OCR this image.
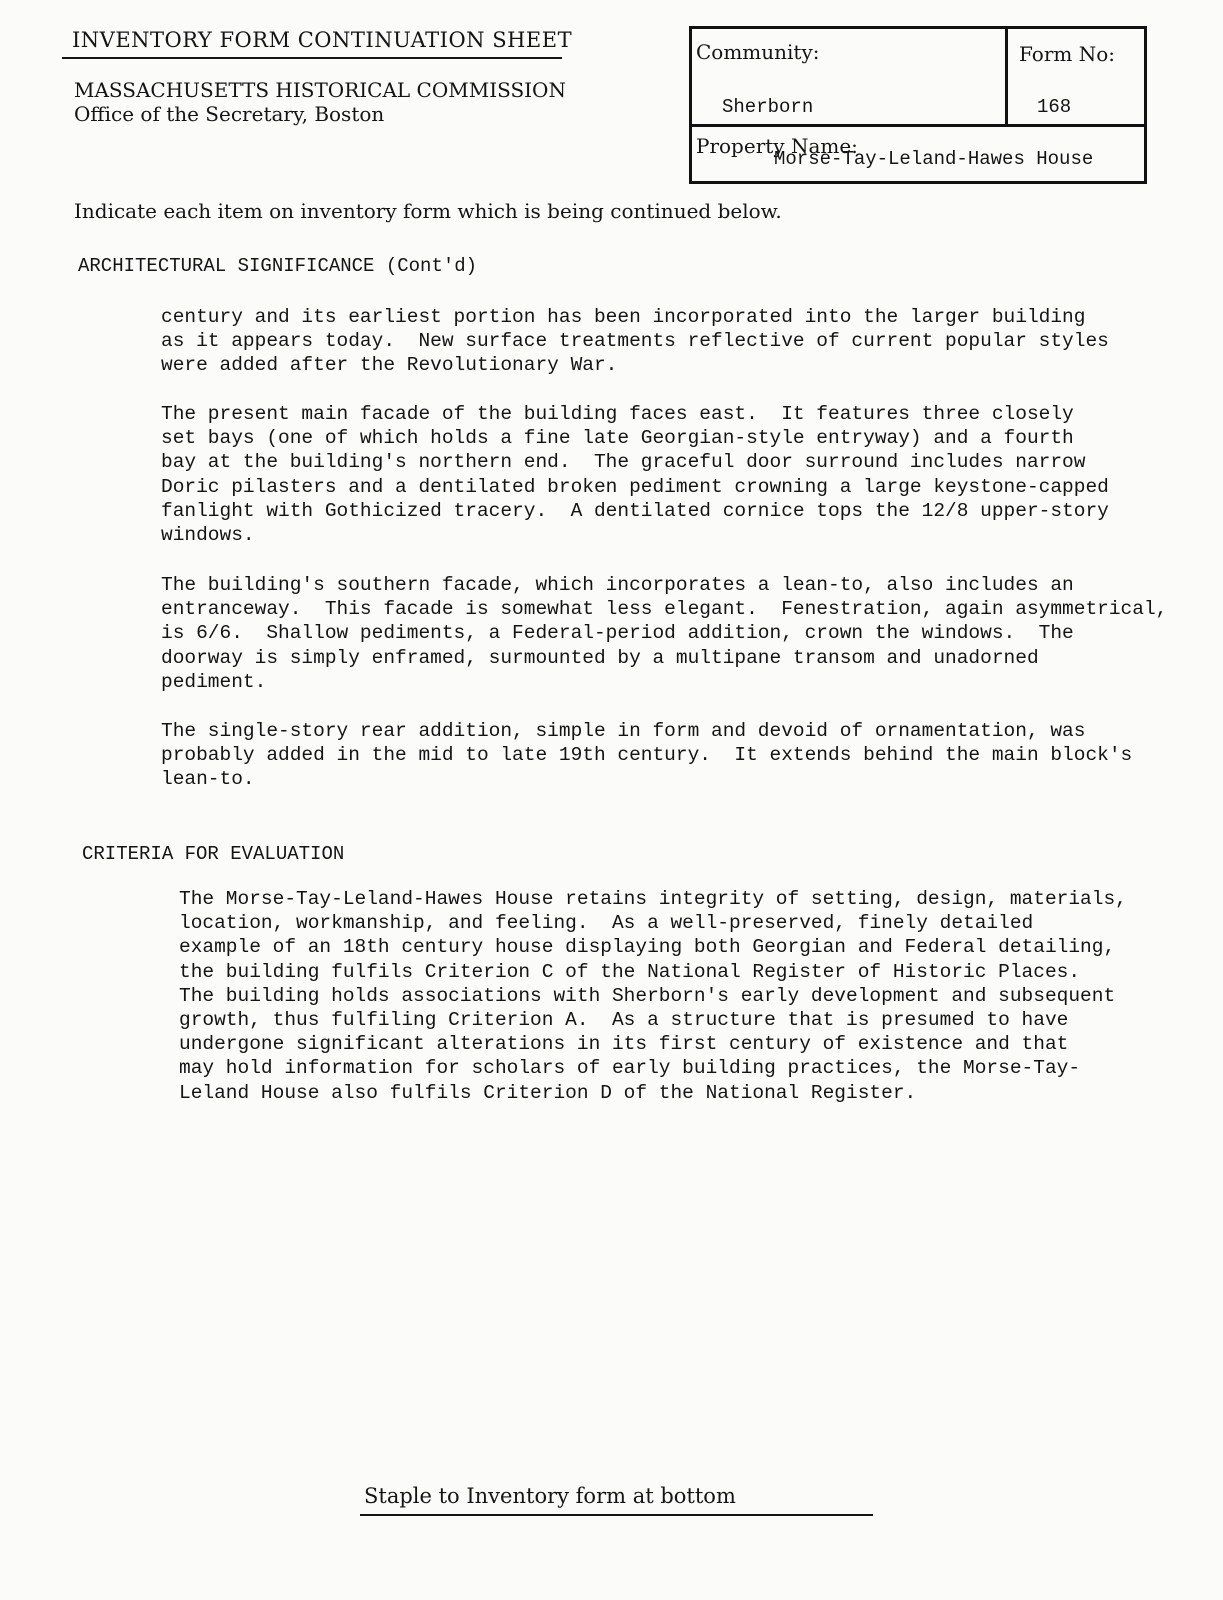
INVENTORY FORM CONTINUATION SHEET
MASSACHUSETTS HISTORICAL COMMISSION
Office of the Secretary, Boston
Community:
Sherborn
Form No:
168
Property Name:
Morse-Tay-Leland-Hawes House
Indicate each item on inventory form which is being continued below.
ARCHITECTURAL SIGNIFICANCE (Cont'd)
century and its earliest portion has been incorporated into the larger building
as it appears today.  New surface treatments reflective of current popular styles
were added after the Revolutionary War.
The present main facade of the building faces east.  It features three closely
set bays (one of which holds a fine late Georgian-style entryway) and a fourth
bay at the building's northern end.  The graceful door surround includes narrow
Doric pilasters and a dentilated broken pediment crowning a large keystone-capped
fanlight with Gothicized tracery.  A dentilated cornice tops the 12/8 upper-story
windows.
The building's southern facade, which incorporates a lean-to, also includes an
entranceway.  This facade is somewhat less elegant.  Fenestration, again asymmetrical,
is 6/6.  Shallow pediments, a Federal-period addition, crown the windows.  The
doorway is simply enframed, surmounted by a multipane transom and unadorned
pediment.
The single-story rear addition, simple in form and devoid of ornamentation, was
probably added in the mid to late 19th century.  It extends behind the main block's
lean-to.
CRITERIA FOR EVALUATION
The Morse-Tay-Leland-Hawes House retains integrity of setting, design, materials,
location, workmanship, and feeling.  As a well-preserved, finely detailed
example of an 18th century house displaying both Georgian and Federal detailing,
the building fulfils Criterion C of the National Register of Historic Places.
The building holds associations with Sherborn's early development and subsequent
growth, thus fulfiling Criterion A.  As a structure that is presumed to have
undergone significant alterations in its first century of existence and that
may hold information for scholars of early building practices, the Morse-Tay-
Leland House also fulfils Criterion D of the National Register.
Staple to Inventory form at bottom
